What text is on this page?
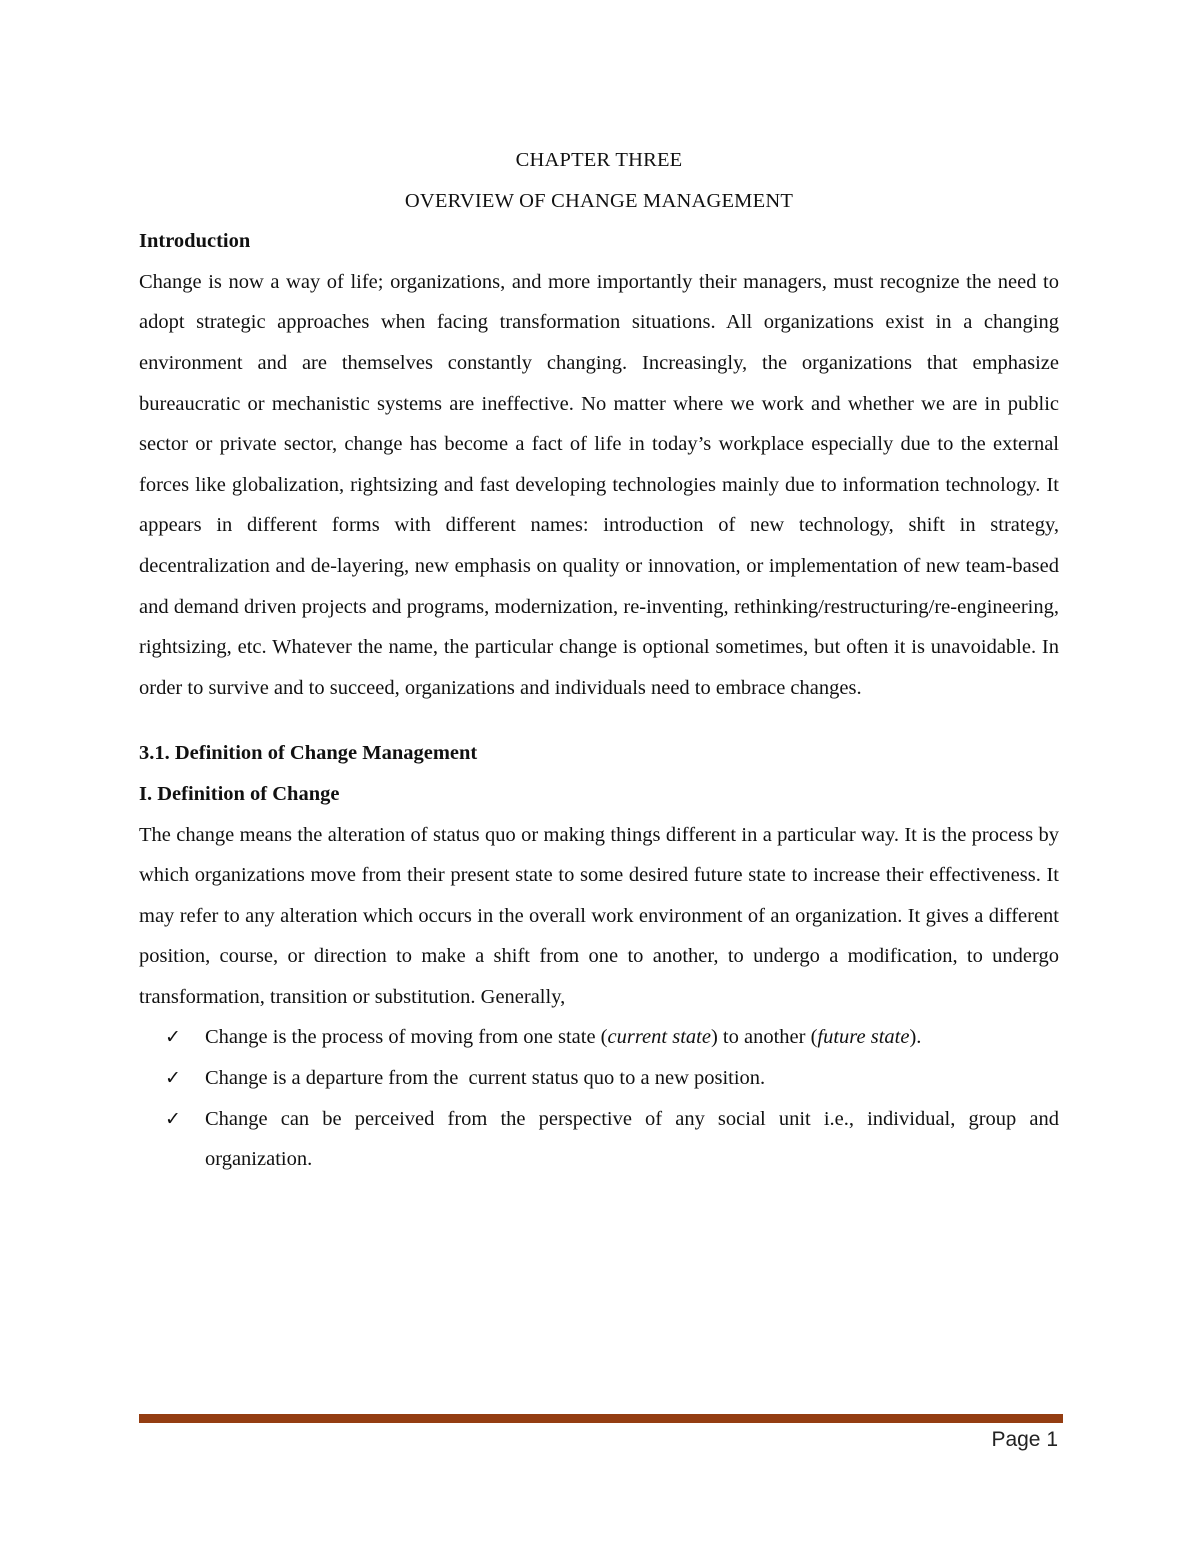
CHAPTER THREE

OVERVIEW OF CHANGE MANAGEMENT

Introduction

Change is now a way of life; organizations, and more importantly their managers, must recognize the need to adopt strategic approaches when facing transformation situations. All organizations exist in a changing environment and are themselves constantly changing. Increasingly, the organizations that emphasize bureaucratic or mechanistic systems are ineffective. No matter where we work and whether we are in public sector or private sector, change has become a fact of life in today’s workplace especially due to the external forces like globalization, rightsizing and fast developing technologies mainly due to information technology. It appears in different forms with different names: introduction of new technology, shift in strategy, decentralization and de-layering, new emphasis on quality or innovation, or implementation of new team-based and demand driven projects and programs, modernization, re-inventing, rethinking/restructuring/re-engineering, rightsizing, etc. Whatever the name, the particular change is optional sometimes, but often it is unavoidable. In order to survive and to succeed, organizations and individuals need to embrace changes.

3.1. Definition of Change Management

I. Definition of Change

The change means the alteration of status quo or making things different in a particular way. It is the process by which organizations move from their present state to some desired future state to increase their effectiveness. It may refer to any alteration which occurs in the overall work environment of an organization. It gives a different position, course, or direction to make a shift from one to another, to undergo a modification, to undergo transformation, transition or substitution. Generally,

✓ Change is the process of moving from one state (current state) to another (future state).
✓ Change is a departure from the  current status quo to a new position.
✓ Change can be perceived from the perspective of any social unit i.e., individual, group and organization.
Page 1
